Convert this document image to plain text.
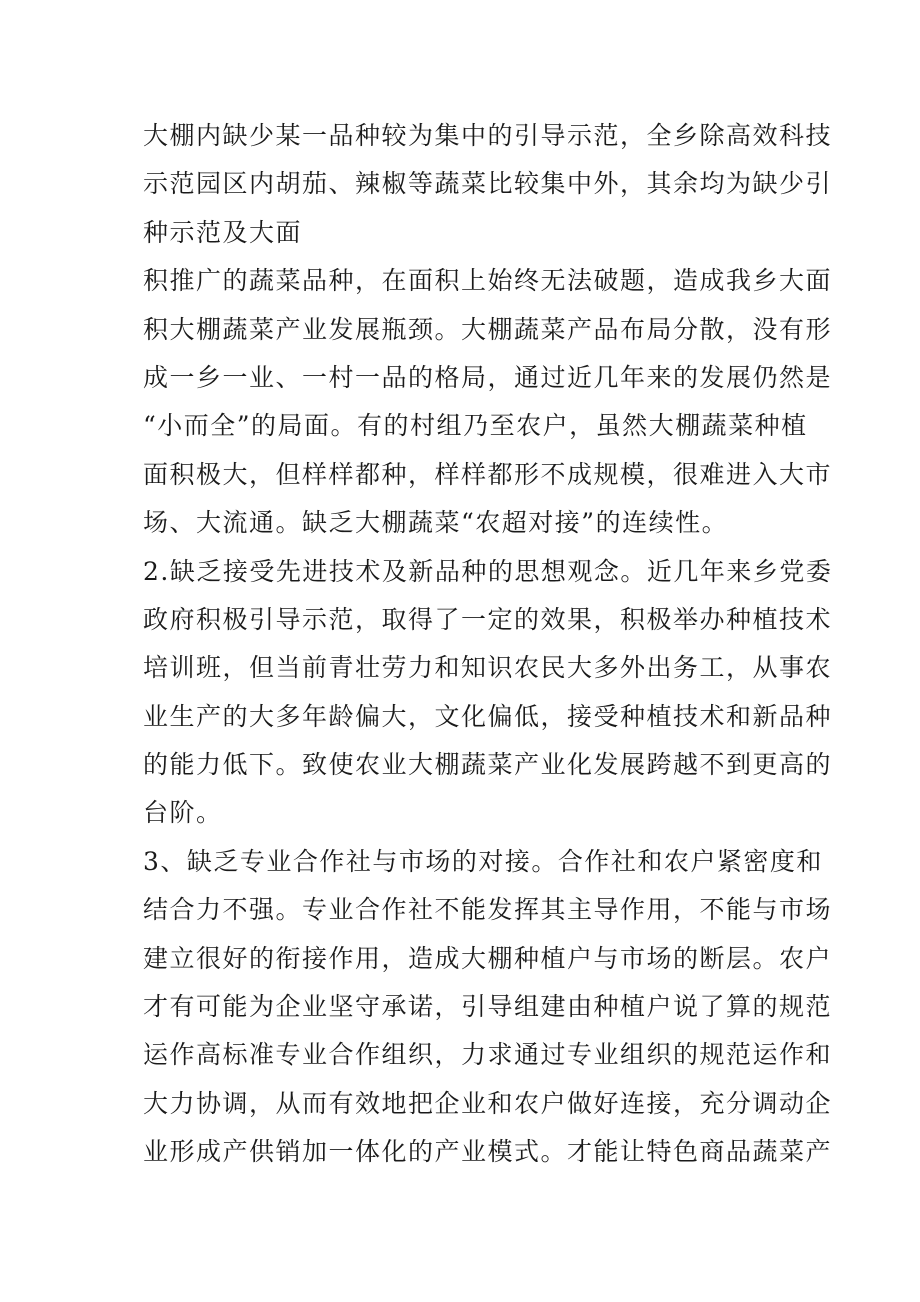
大棚内缺少某一品种较为集中的引导示范，全乡除高效科技
示范园区内胡茄、辣椒等蔬菜比较集中外，其余均为缺少引
种示范及大面
积推广的蔬菜品种，在面积上始终无法破题，造成我乡大面
积大棚蔬菜产业发展瓶颈。大棚蔬菜产品布局分散，没有形
成一乡一业、一村一品的格局，通过近几年来的发展仍然是
“小而全”的局面。有的村组乃至农户，虽然大棚蔬菜种植
面积极大，但样样都种，样样都形不成规模，很难进入大市
场、大流通。缺乏大棚蔬菜“农超对接”的连续性。
2.缺乏接受先进技术及新品种的思想观念。近几年来乡党委
政府积极引导示范，取得了一定的效果，积极举办种植技术
培训班，但当前青壮劳力和知识农民大多外出务工，从事农
业生产的大多年龄偏大，文化偏低，接受种植技术和新品种
的能力低下。致使农业大棚蔬菜产业化发展跨越不到更高的
台阶。
3、缺乏专业合作社与市场的对接。合作社和农户紧密度和
结合力不强。专业合作社不能发挥其主导作用，不能与市场
建立很好的衔接作用，造成大棚种植户与市场的断层。农户
才有可能为企业坚守承诺，引导组建由种植户说了算的规范
运作高标准专业合作组织，力求通过专业组织的规范运作和
大力协调，从而有效地把企业和农户做好连接，充分调动企
业形成产供销加一体化的产业模式。才能让特色商品蔬菜产
